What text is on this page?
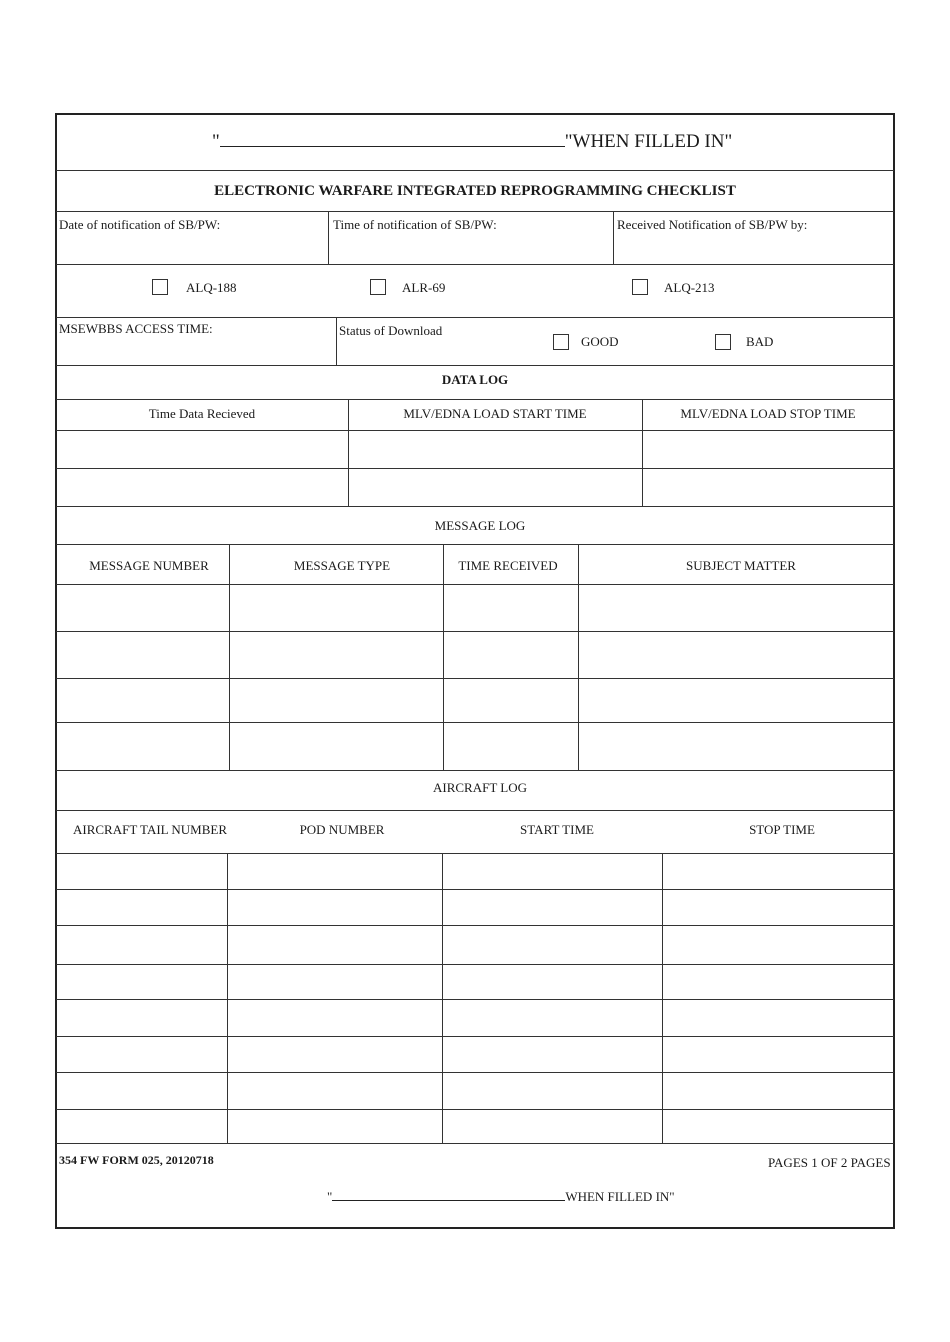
"	"WHEN FILLED IN"
ELECTRONIC WARFARE INTEGRATED REPROGRAMMING CHECKLIST
Date of notification of SB/PW:	Time of notification of SB/PW:	Received Notification of SB/PW by:
ALQ-188	ALR-69	ALQ-213
MSEWBBS ACCESS TIME:	Status of Download
GOOD	BAD
DATA LOG
Time Data Recieved	MLV/EDNA LOAD START TIME	MLV/EDNA LOAD STOP TIME
MESSAGE LOG
MESSAGE NUMBER	MESSAGE TYPE	TIME RECEIVED	SUBJECT MATTER
AIRCRAFT LOG
AIRCRAFT TAIL NUMBER	POD NUMBER	START TIME	STOP TIME
354 FW FORM 025, 20120718	PAGES 1 OF 2 PAGES
"	WHEN FILLED IN"
